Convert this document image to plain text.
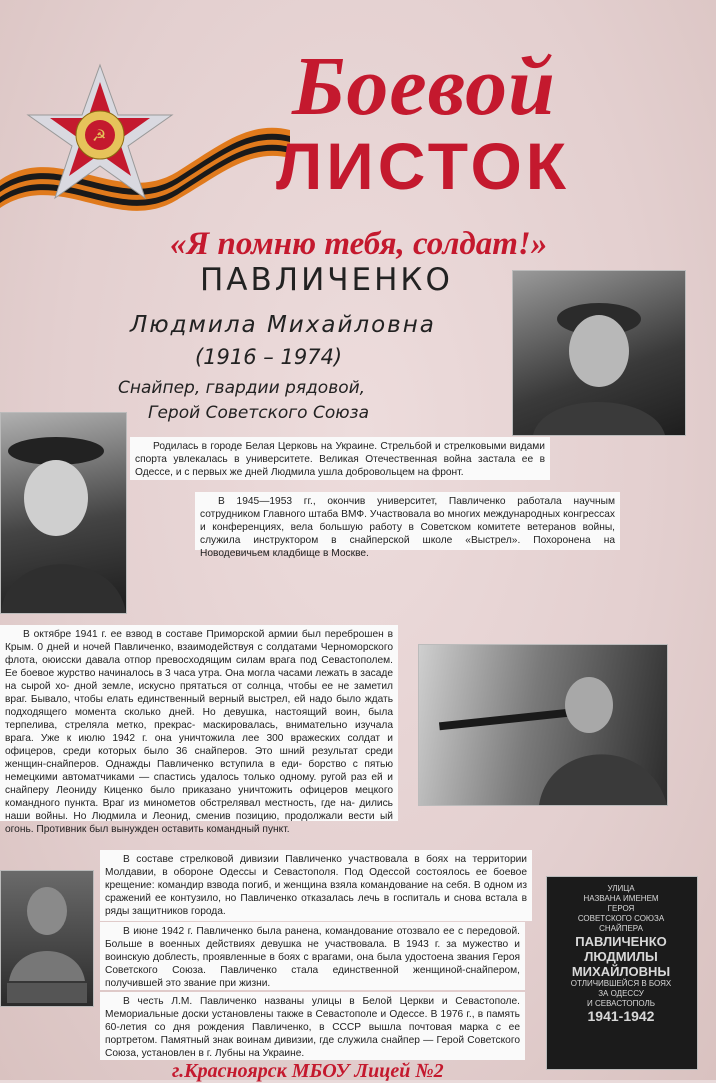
☭
Боевой
ЛИСТОК
«Я помню тебя, солдат!»
ПАВЛИЧЕНКО
Людмила Михайловна
(1916 – 1974)
Снайпер, гвардии рядовой,
Герой Советского Союза
УЛИЦА
НАЗВАНА ИМЕНЕМ
ГЕРОЯ
СОВЕТСКОГО СОЮЗА
СНАЙПЕРА
ПАВЛИЧЕНКО
ЛЮДМИЛЫ
МИХАЙЛОВНЫ
ОТЛИЧИВШЕЙСЯ В БОЯХ
ЗА ОДЕССУ
И СЕВАСТОПОЛЬ
1941-1942

Родилась в городе Белая Церковь на Украине. Стрельбой и стрелковыми видами спорта увлекалась в университете. Великая Отечественная война застала ее в Одессе, и с первых же дней Людмила ушла добровольцем на фронт.

В 1945—1953 гг., окончив университет, Павличенко работала научным сотрудником Главного штаба ВМФ. Участвовала во многих международных конгрессах и конференциях, вела большую работу в Советском комитете ветеранов войны, служила инструктором в снайперской школе «Выстрел». Похоронена на Новодевичьем кладбище в Москве.

В октябре 1941 г. ее взвод в составе Приморской армии был переброшен в Крым. 0 дней и ночей Павличенко, взаимодействуя с солдатами Черноморского флота, оюисски давала отпор превосходящим силам врага под Севастополем. Ее боевое журство начиналось в 3 часа утра. Она могла часами лежать в засаде на сырой хо- дной земле, искусно прятаться от солнца, чтобы ее не заметил враг. Бывало, чтобы елать единственный верный выстрел, ей надо было ждать подходящего момента сколько дней. Но девушка, настоящий воин, была терпелива, стреляла метко, прекрас- маскировалась, внимательно изучала врага. Уже к июлю 1942 г. она уничтожила лее 300 вражеских солдат и офицеров, среди которых было 36 снайперов. Это шний результат среди женщин-снайперов. Однажды Павличенко вступила в еди- борство с пятью немецкими автоматчиками — спастись удалось только одному. ругой раз ей и снайперу Леониду Киценко было приказано уничтожить офицеров мецкого командного пункта. Враг из минометов обстрелявал местность, где на- дились наши войны. Но Людмила и Леонид, сменив позицию, продолжали вести ый огонь. Противник был вынужден оставить командный пункт.

В составе стрелковой дивизии Павличенко участвовала в боях на территории Молдавии, в обороне Одессы и Севастополя. Под Одессой состоялось ее боевое крещение: командир взвода погиб, и женщина взяла командование на себя. В одном из сражений ее контузило, но Павличенко отказалась лечь в госпиталь и снова встала в ряды защитников города.

В июне 1942 г. Павличенко была ранена, командование отозвало ее с передовой. Больше в военных действиях девушка не участвовала. В 1943 г. за мужество и воинскую доблесть, проявленные в боях с врагами, она была удостоена звания Героя Советского Союза. Павличенко стала единственной женщиной-снайпером, получившей это звание при жизни.

В честь Л.М. Павличенко названы улицы в Белой Церкви и Севастополе. Мемориальные доски установлены также в Севастополе и Одессе. В 1976 г., в память 60-летия со дня рождения Павличенко, в СССР вышла почтовая марка с ее портретом. Памятный знак воинам дивизии, где служила снайпер — Герой Советского Союза, установлен в г. Лубны на Украине.

г.Красноярск МБОУ Лицей №2
